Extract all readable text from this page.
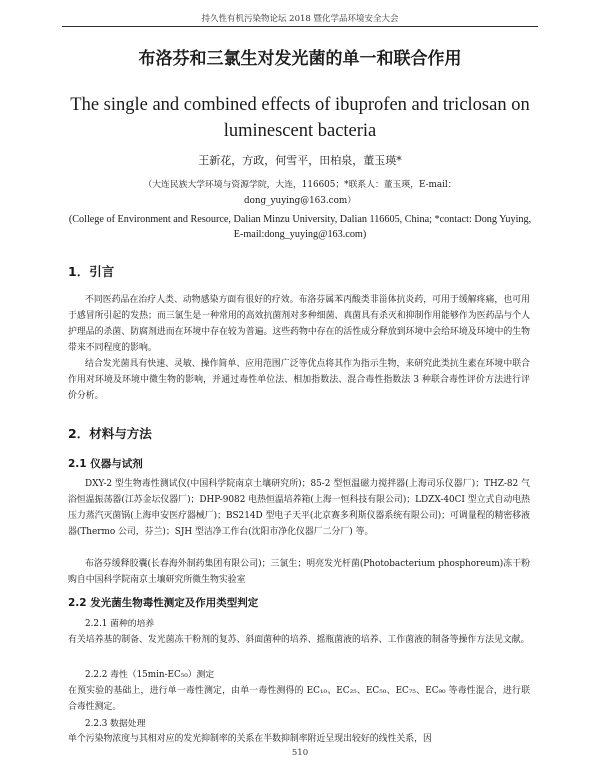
持久性有机污染物论坛 2018 暨化学品环境安全大会
布洛芬和三氯生对发光菌的单一和联合作用
The single and combined effects of ibuprofen and triclosan on luminescent bacteria
王新花，方政，何雪平，田柏泉，董玉瑛*
（大连民族大学环境与资源学院，大连，116605；*联系人：董玉瑛，E-mail：dong_yuying@163.com）
(College of Environment and Resource, Dalian Minzu University, Dalian 116605, China; *contact: Dong Yuying, E-mail:dong_yuying@163.com)
1．引言

不同医药品在治疗人类、动物感染方面有很好的疗效。布洛芬属苯丙酸类非甾体抗炎药，可用于缓解疼痛，也可用于感冒所引起的发热；而三氯生是一种常用的高效抗菌剂对多种细菌、真菌具有杀灭和抑制作用能够作为医药品与个人护理品的杀菌、防腐剂进而在环境中存在较为普遍。这些药物中存在的活性成分释放到环境中会给环境及环境中的生物带来不同程度的影响。

结合发光菌具有快速、灵敏、操作简单、应用范围广泛等优点将其作为指示生物，来研究此类抗生素在环境中联合作用对环境及环境中微生物的影响，并通过毒性单位法、相加指数法、混合毒性指数法 3 种联合毒性评价方法进行评价分析。

2．材料与方法
2.1 仪器与试剂

DXY-2 型生物毒性测试仪(中国科学院南京土壤研究所)；85-2 型恒温磁力搅拌器(上海司乐仪器厂)；THZ-82 气浴恒温振荡器(江苏金坛仪器厂)；DHP-9082 电热恒温培养箱(上海一恒科技有限公司)；LDZX-40CI 型立式自动电热压力蒸汽灭菌锅(上海申安医疗器械厂)；BS214D 型电子天平(北京赛多利斯仪器系统有限公司)；可调量程的精密移液器(Thermo 公司，芬兰)；SJH 型洁净工作台(沈阳市净化仪器厂二分厂) 等。

布洛芬缓释胶囊(长春海外制药集团有限公司)；三氯生；明亮发光杆菌(Photobacterium phosphoreum)冻干粉购自中国科学院南京土壤研究所微生物实验室

2.2 发光菌生物毒性测定及作用类型判定
2.2.1 菌种的培养

有关培养基的制备、发光菌冻干粉剂的复苏、斜面菌种的培养、摇瓶菌液的培养、工作菌液的制备等操作方法见文献。

2.2.2 毒性（15min-EC₅₀）测定

在预实验的基础上，进行单一毒性测定，由单一毒性测得的 EC₁₀、EC₂₅、EC₅₀、EC₇₅、EC₉₀ 等毒性混合，进行联合毒性测定。

2.2.3 数据处理

单个污染物浓度与其相对应的发光抑制率的关系在半数抑制率附近呈现出较好的线性关系，因

510
